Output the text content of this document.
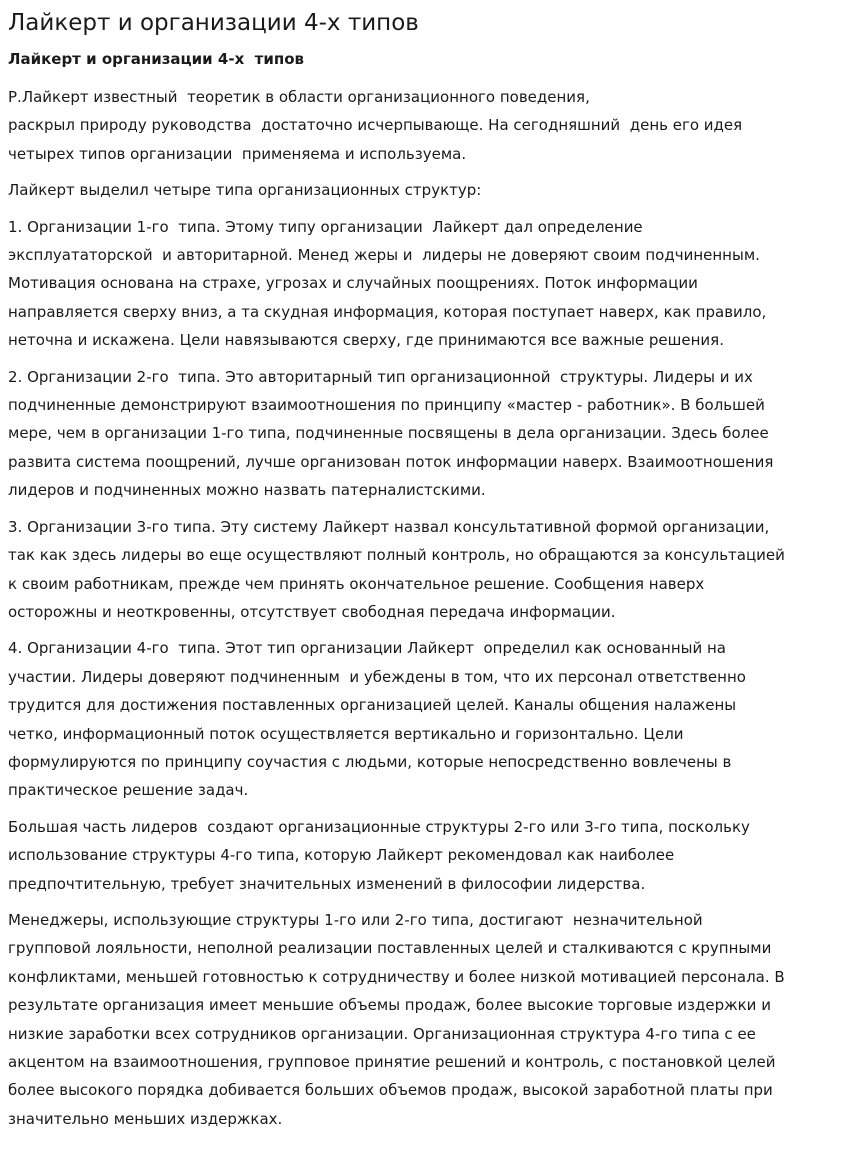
Лайкерт и организации 4-х типов
Лайкерт и организации 4-х  типов

Р.Лайкерт известный  теоретик в области организационного поведения,
раскрыл природу руководства  достаточно исчерпывающе. На сегодняшний  день его идея
четырех типов организации  применяема и используема.

Лайкерт выделил четыре типа организационных структур:

1. Организации 1-го  типа. Этому типу организации  Лайкерт дал определение
эксплуататорской  и авторитарной. Менед жеры и  лидеры не доверяют своим подчиненным.
Мотивация основана на страхе, угрозах и случайных поощрениях. Поток информации
направляется сверху вниз, а та скудная информация, которая поступает наверх, как правило,
неточна и искажена. Цели навязываются сверху, где принимаются все важные решения.

2. Организации 2-го  типа. Это авторитарный тип организационной  структуры. Лидеры и их
подчиненные демонстрируют взаимоотношения по принципу «мастер - работник». В большей
мере, чем в организации 1-го типа, подчиненные посвящены в дела организации. Здесь более
развита система поощрений, лучше организован поток информации наверх. Взаимоотношения
лидеров и подчиненных можно назвать патерналистскими.

3. Организации 3-го типа. Эту систему Лайкерт назвал консультативной формой организации,
так как здесь лидеры во еще осуществляют полный контроль, но обращаются за консультацией
к своим работникам, прежде чем принять окончательное решение. Сообщения наверх
осторожны и неоткровенны, отсутствует свободная передача информации.

4. Организации 4-го  типа. Этот тип организации Лайкерт  определил как основанный на
участии. Лидеры доверяют подчиненным  и убеждены в том, что их персонал ответственно
трудится для достижения поставленных организацией целей. Каналы общения налажены
четко, информационный поток осуществляется вертикально и горизонтально. Цели
формулируются по принципу соучастия с людьми, которые непосредственно вовлечены в
практическое решение задач.

Большая часть лидеров  создают организационные структуры 2-го или 3-го типа, поскольку
использование структуры 4-го типа, которую Лайкерт рекомендовал как наиболее
предпочтительную, требует значительных изменений в философии лидерства.

Менеджеры, использующие структуры 1-го или 2-го типа, достигают  незначительной
групповой лояльности, неполной реализации поставленных целей и сталкиваются с крупными
конфликтами, меньшей готовностью к сотрудничеству и более низкой мотивацией персонала. В
результате организация имеет меньшие объемы продаж, более высокие торговые издержки и
низкие заработки всех сотрудников организации. Организационная структура 4-го типа с ее
акцентом на взаимоотношения, групповое принятие решений и контроль, с постановкой целей
более высокого порядка добивается больших объемов продаж, высокой заработной платы при
значительно меньших издержках.
